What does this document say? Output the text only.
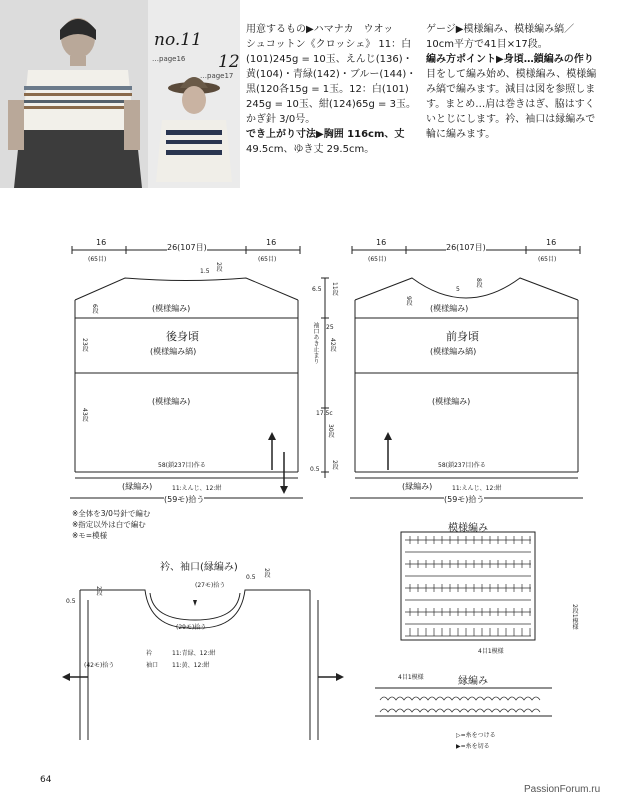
no.11
…page16 12
…page17
用意するもの▶ハマナカ　ウオッ
シュコットン《クロッシェ》 11：白
(101)245g = 10玉、えんじ(136)・
黄(104)・青緑(142)・ブルー(144)・
黒(120各15g = 1玉。12：白(101)
245g = 10玉、紺(124)65g = 3玉。
かぎ針 3/0号。
でき上がり寸法▶胸囲 116cm、丈
49.5cm、ゆき丈 29.5cm。
ゲージ▶模様編み、模様編み縞／
10cm平方で41目×17段。
編み方ポイント▶身頃…鎖編みの作り
目をして編み始め、模様編み、模様編
み縞で編みます。減目は図を参照しま
す。まとめ…肩は巻きはぎ、脇はすく
いとじにします。衿、袖口は縁編みで
輪に編みます。
16
(65目)
26(107目)
16
(65目)
1.5 2段
(模様編み)
後身頃
(模様編み縞)
(模様編み)
58(鎖237目)作る
(縁編み)	11:えんじ、12:紺
(59モ)拾う
6段
23段
43段
6.5 11段
25
42段
袖口あき止まり
17.5c
30段
0.5 2段
16
(65目)
26(107目)
16
(65目)
5
8段
9段
(模様編み)
前身頃
(模様編み縞)
(模様編み)
58(鎖237目)作る
(縁編み)	11:えんじ、12:紺
(59モ)拾う
※全体を3/0号針で編む
※指定以外は白で編む
※モ=模様
衿、袖口(縁編み)
(27モ)拾う
(29モ)拾う
0.5
2段
0.5 2段
(42モ)拾う
衿	11:青緑、12:紺
袖口 11:黄、12:紺
模様編み
2段1模様
4目1模様
縁編み
4目1模様
▷=糸をつける
▶=糸を切る
64
PassionForum.ru
